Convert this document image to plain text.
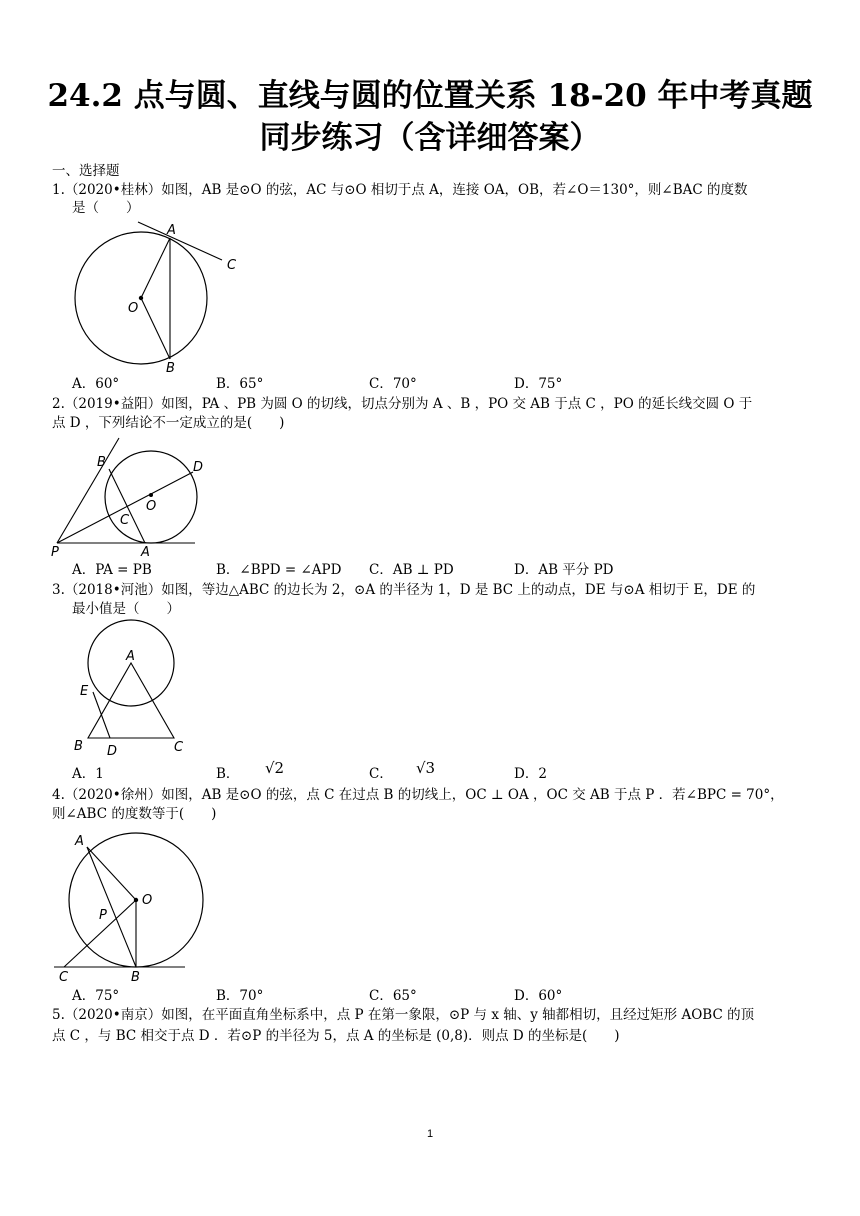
24.2 点与圆、直线与圆的位置关系 18-20 年中考真题
同步练习（含详细答案）
一、选择题
1.（2020•桂林）如图，AB 是⊙O 的弦，AC 与⊙O 相切于点 A，连接 OA，OB，若∠O＝130°，则∠BAC 的度数
是（　　）
A
C
O
B
A．60°	B．65°	C．70°	D．75°
2.（2019•益阳）如图，PA 、PB 为圆 O 的切线，切点分别为 A 、B ，PO 交 AB 于点 C ，PO 的延长线交圆 O 于
点 D ，下列结论不一定成立的是(　　)
B	D
O
C
P	A
A．PA = PB	B．∠BPD = ∠APD C．AB ⊥ PD	D．AB 平分 PD
3.（2018•河池）如图，等边△ABC 的边长为 2，⊙A 的半径为 1，D 是 BC 上的动点，DE 与⊙A 相切于 E，DE 的
最小值是（　　）
A
E
B D	C
A．1	B． √2	C． √3	D．2
4.（2020•徐州）如图，AB 是⊙O 的弦，点 C 在过点 B 的切线上，OC ⊥ OA ，OC 交 AB 于点 P ．若∠BPC = 70°，
则∠ABC 的度数等于(　　)
A
O
P
C	B
A．75°	B．70°	C．65°	D．60°
5.（2020•南京）如图，在平面直角坐标系中，点 P 在第一象限，⊙P 与 x 轴、y 轴都相切，且经过矩形 AOBC 的顶
点 C ，与 BC 相交于点 D ．若⊙P 的半径为 5，点 A 的坐标是 (0,8)．则点 D 的坐标是(　　)
1
